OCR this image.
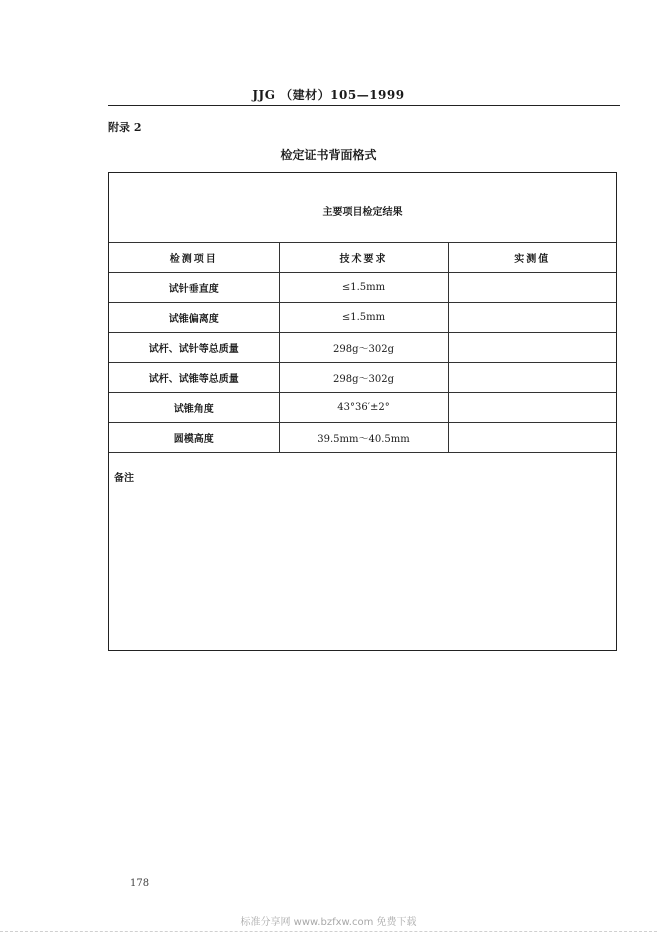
JJG （建材）105—1999
附录 2
检定证书背面格式
主要项目检定结果
检测项目	技术要求	实测值
试针垂直度	≤1.5mm	
试锥偏离度	≤1.5mm	
试杆、试针等总质量	298g～302g	
试杆、试锥等总质量	298g～302g	
试锥角度	43°36′±2°	
圆模高度	39.5mm～40.5mm	
备注
178
标准分享网 www.bzfxw.com 免费下载
